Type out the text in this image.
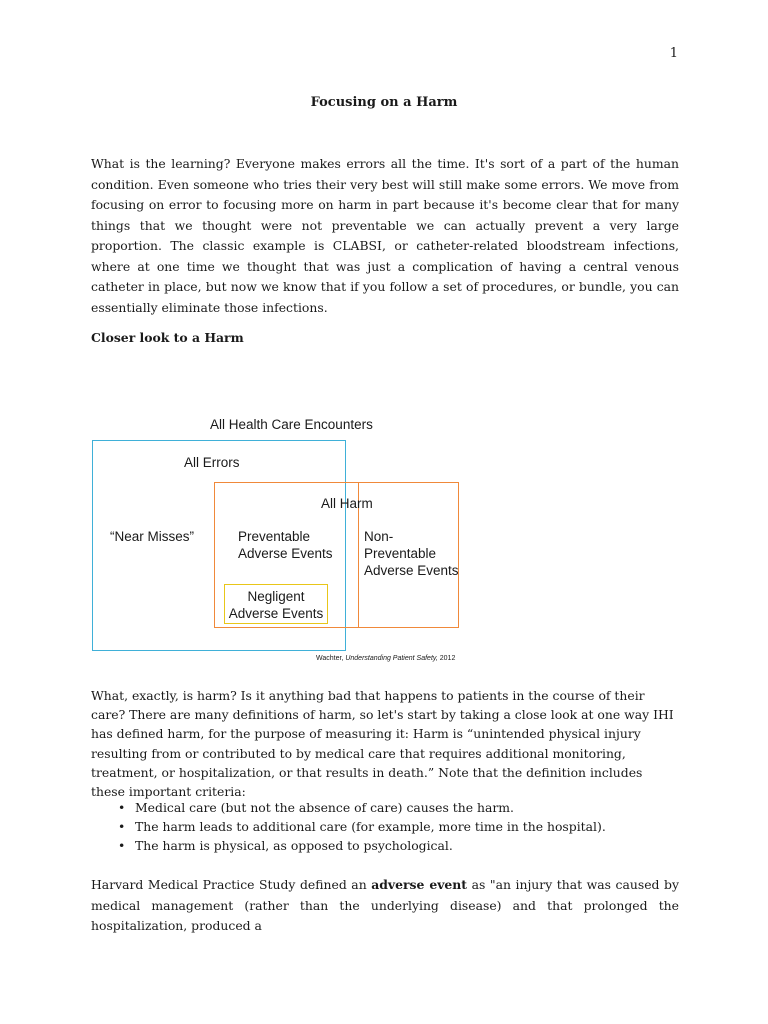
1
Focusing on a Harm

What is the learning? Everyone makes errors all the time. It's sort of a part of the human condition. Even someone who tries their very best will still make some errors. We move from focusing on error to focusing more on harm in part because it's become clear that for many things that we thought were not preventable we can actually prevent a very large proportion. The classic example is CLABSI, or catheter-related bloodstream infections, where at one time we thought that was just a complication of having a central venous catheter in place, but now we know that if you follow a set of procedures, or bundle, you can essentially eliminate those infections.

Closer look to a Harm
All Health Care Encounters
All Errors
All Harm
“Near Misses”	Preventable
Adverse Events
Non-
Preventable
Adverse Events
Negligent
Adverse Events
Wachter, Understanding Patient Safety, 2012

What, exactly, is harm? Is it anything bad that happens to patients in the course of their care? There are many definitions of harm, so let's start by taking a close look at one way IHI has defined harm, for the purpose of measuring it: Harm is “unintended physical injury resulting from or contributed to by medical care that requires additional monitoring, treatment, or hospitalization, or that results in death.” Note that the definition includes these important criteria:

• Medical care (but not the absence of care) causes the harm.
• The harm leads to additional care (for example, more time in the hospital).
• The harm is physical, as opposed to psychological.

Harvard Medical Practice Study defined an adverse event as "an injury that was caused by medical management (rather than the underlying disease) and that prolonged the hospitalization, produced a
